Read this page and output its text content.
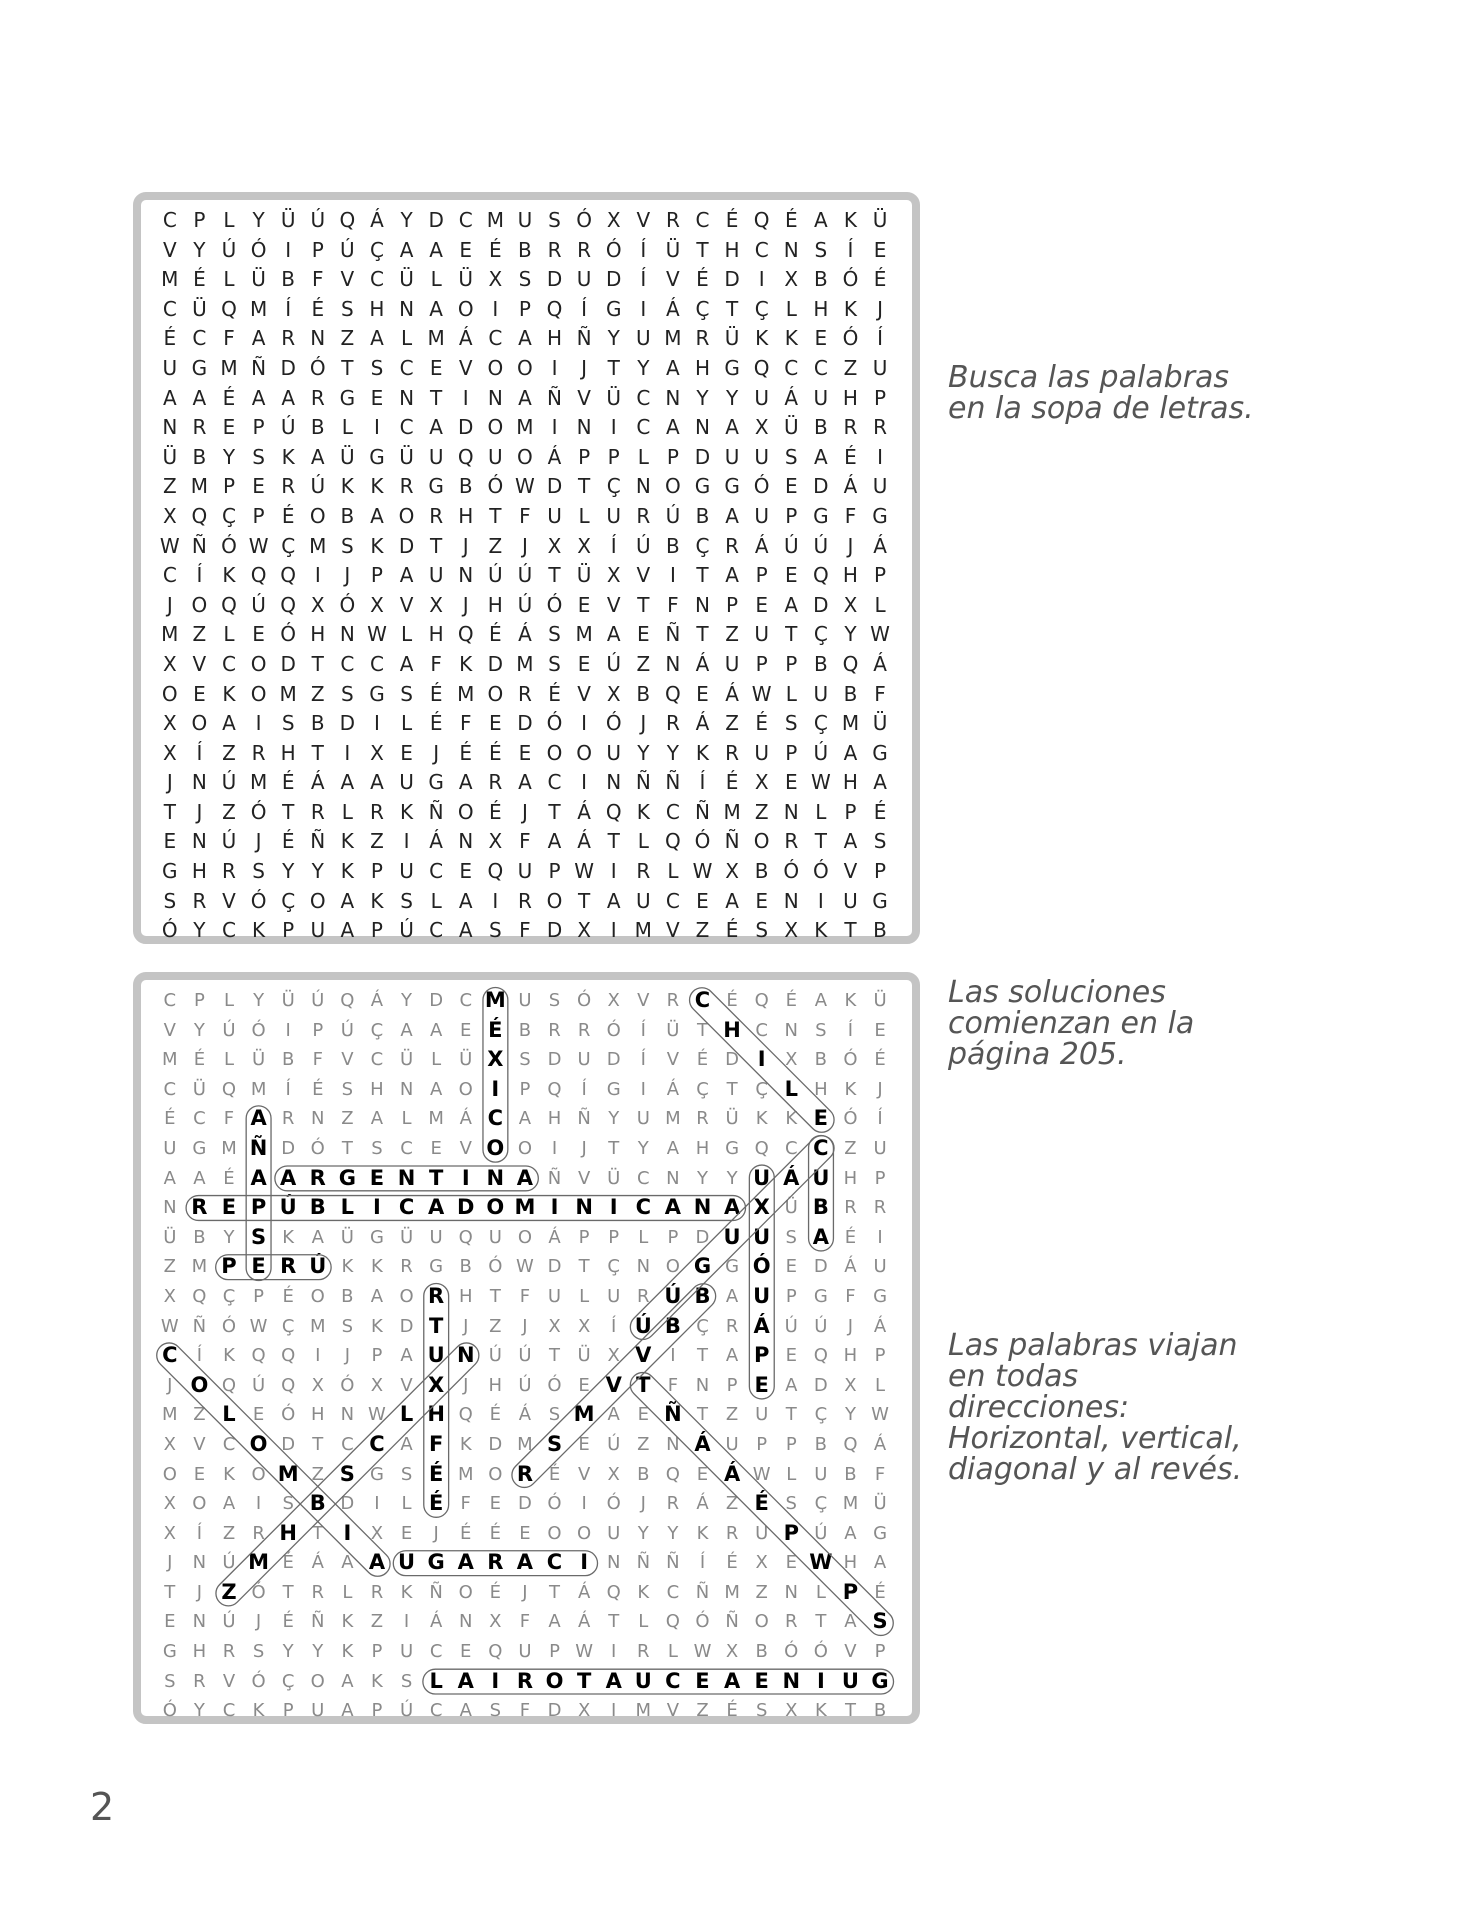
C P L Y Ü Ú Q Á Y D C M U S Ó X V R C É Q É A K Ü
V Y Ú Ó I	P Ú Ç A A E É B R R Ó Í Ü T H C N S	Í	E
M É L Ü B F V C Ü L Ü X S D U D Í V É D I X B Ó É
C Ü Q M Í	É S H N A O I	P Q Í G I Á Ç T Ç L H K	J
É C F A R N Z A L M Á C A H Ñ Y U M R Ü K K E Ó Í
U G M Ñ D Ó T S C E V O O I	J	T Y A H G Q C C Z U
A A É A A R G E N T	I N A Ñ V Ü C N Y Y U Á U H P
N R E P Ú B L	I C A D O M I N I C A N A X Ü B R R
Ü B Y S K A Ü G Ü U Q U O Á P P L P D U U S A É	I
Z M P E R Ú K K R G B Ó W D T Ç N O G G Ó E D Á U
X Q Ç P É O B A O R H T F U L U R Ú B A U P G F G
W Ñ Ó W Ç M S K D T	J Z J X X Í Ú B Ç R Á Ú Ú J Á
C Í	K Q Q I	J	P A U N Ú Ú T Ü X V I	T A P E Q H P
J O Q Ú Q X Ó X V X J H Ú Ó E V T F N P E A D X L
M Z L E Ó H N W L H Q É Á S M A E Ñ T Z U T Ç Y W
X V C O D T C C A F K D M S E Ú Z N Á U P P B Q Á
O E K O M Z S G S É M O R É V X B Q E Á W L U B F
X O A I	S B D I	L É F E D Ó I Ó J R Á Z É S Ç M Ü
X Í Z R H T	I X E	J	É É E O O U Y Y K R U P Ú A G
J N Ú M É Á A A U G A R A C I N Ñ Ñ Í	É X E W H A
T	J Z Ó T R L R K Ñ O É	J	T Á Q K C Ñ M Z N L P É
E N Ú J	É Ñ K Z I Á N X F A Á T L Q Ó Ñ O R T A S
G H R S Y Y K P U C E Q U P W I R L W X B Ó Ó V P
S R V Ó Ç O A K S L A I R O T A U C E A E N I U G
Ó Y C K P U A P Ú C A S F D X I M V Z É S X K T B
C P	L	Y Ü Ú Q Á Y D C M U S Ó X V R C É Q É A K Ü
V Y Ú Ó	I	P Ú Ç A A E É B R R Ó	Í	Ü T H C N S	Í	E
M É	L Ü B	F	V C Ü L Ü X S D U D	Í	V É D I	X B Ó É
C Ü Q M	Í	É	S H N A O I	P Q	Í	G	I	Á Ç T Ç L H K	J
É C	F A R N Z A	L M Á C A H Ñ Y U M R Ü K K E Ó	Í
U G M Ñ D Ó T	S C E V O O	I	J	T	Y A H G Q C C Z U
A A É A A R G E N T I N A Ñ V Ü C N Y	Y U Á U H P
N R E P Ú B L I C A D O M I N I C A N A X Ü B R R
Ü B Y S K A Ü G Ü U Q U O Á	P	P	L	P D U U S A É	I
Z M P E R Ú K K R G B Ó W D T Ç N O G G Ó E D Á U
X Q Ç P	É O B A O R H T	F U L U R Ú B A U P G F G
W Ñ Ó W Ç M S K D T	J	Z	J	X X	Í Ú B Ç R Á Ú Ú	J	Á
C	Í	K Q Q	I	J	P	A U N Ú Ú T Ü X V	I	T A P E Q H P
J O Q Ú Q X Ó X V X	J	H Ú Ó E V T F N P E A D X	L
M Z L E Ó H N W L H Q É Á S M A E Ñ T Z U T Ç Y W
X V C O D T C C A F K D M S E Ú Z N Á U P	P B Q Á
O E	K O M Z S G S É M O R É V X B Q E Á W L U B	F
X O A	I	S B D	I	L É F	E D Ó	I	Ó	J	R Á Z É S Ç M Ü
X	Í	Z R H T I	X E	J	É	É	E O O U Y	Y	K R U P Ú A G
J	N Ú M É Á A A U G A R A C I	N Ñ Ñ	Í	É X E W H A
T	J Z Ó T R	L	R K Ñ O É	J	T Á Q K C Ñ M Z N L P É
E N Ú	J	É Ñ K Z	I	Á N X	F	A Á T	L Q Ó Ñ O R T A S
G H R S	Y	Y	K	P U C E Q U P W	I	R	L W X B Ó Ó V	P
S R V Ó Ç O A K S L A I R O T A U C E A E N I U G
Ó Y C K	P U A	P Ú C A S	F D X	I	M V Z É	S X K	T B

Busca las palabras
en la sopa de letras.

Las soluciones
comienzan en la
página 205.

Las palabras viajan
en todas
direcciones:
Horizontal, vertical,
diagonal y al revés.

2
